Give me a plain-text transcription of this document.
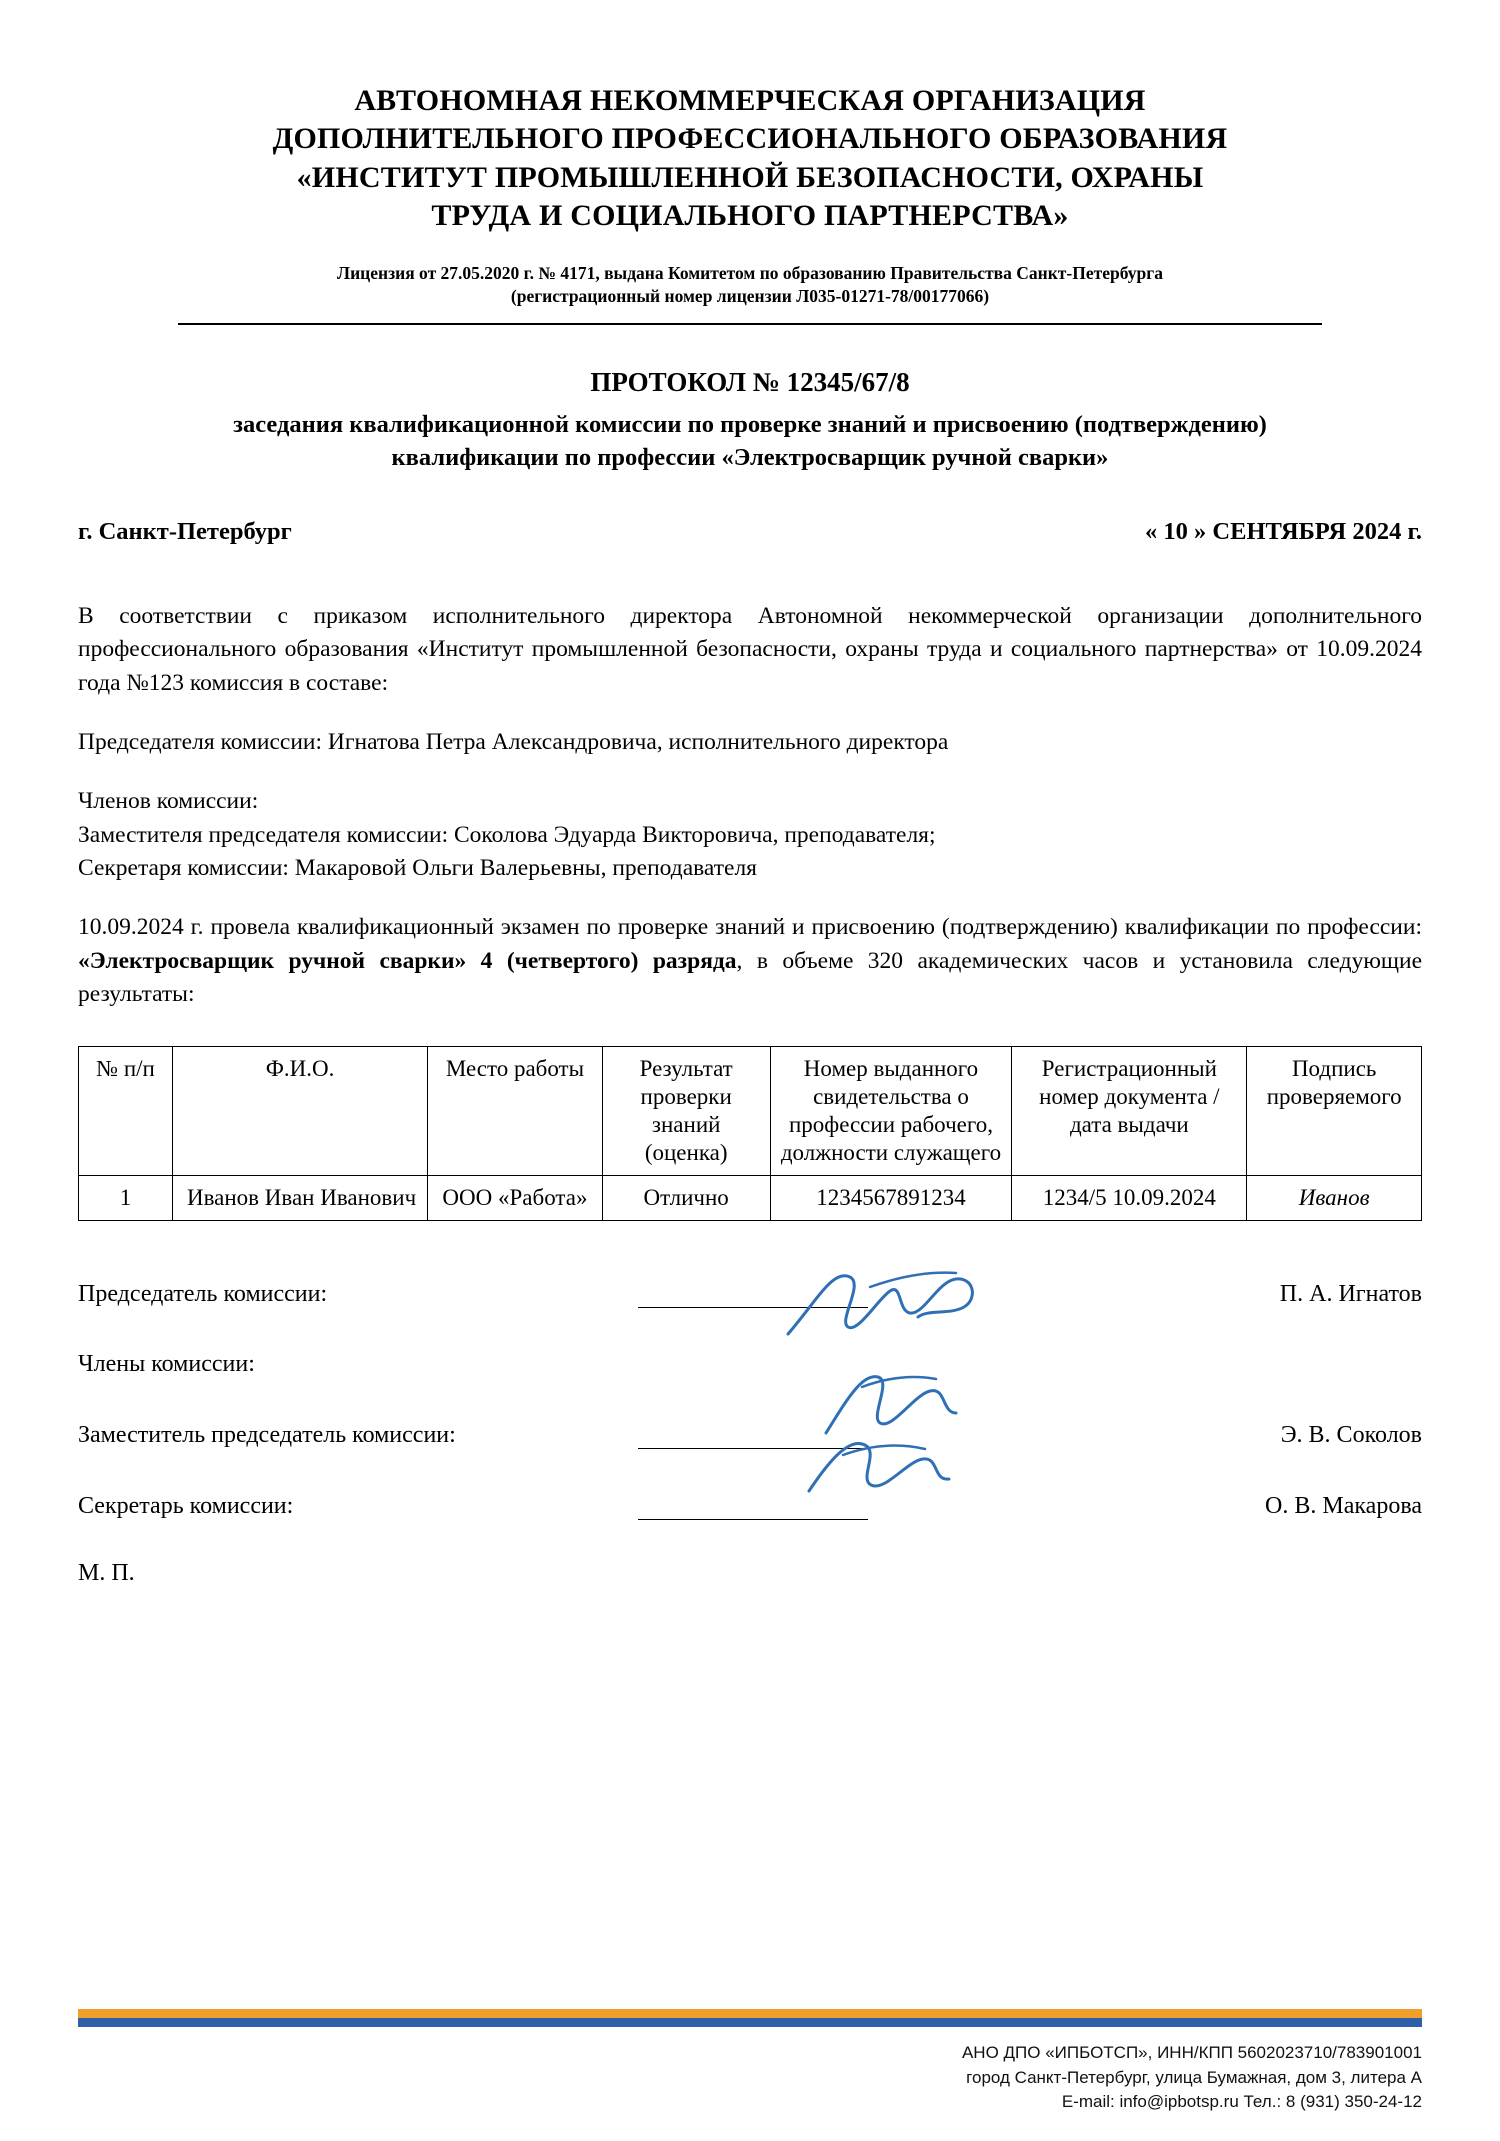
АВТОНОМНАЯ НЕКОММЕРЧЕСКАЯ ОРГАНИЗАЦИЯ
ДОПОЛНИТЕЛЬНОГО ПРОФЕССИОНАЛЬНОГО ОБРАЗОВАНИЯ
«ИНСТИТУТ ПРОМЫШЛЕННОЙ БЕЗОПАСНОСТИ, ОХРАНЫ
ТРУДА И СОЦИАЛЬНОГО ПАРТНЕРСТВА»
Лицензия от 27.05.2020 г. № 4171, выдана Комитетом по образованию Правительства Санкт-Петербурга
(регистрационный номер лицензии Л035-01271-78/00177066)
ПРОТОКОЛ № 12345/67/8
заседания квалификационной комиссии по проверке знаний и присвоению (подтверждению)
квалификации по профессии «Электросварщик ручной сварки»
г. Санкт-Петербург	« 10 » СЕНТЯБРЯ 2024 г.

В соответствии с приказом исполнительного директора Автономной некоммерческой организации дополнительного профессионального образования «Институт промышленной безопасности, охраны труда и социального партнерства» от 10.09.2024 года №123 комиссия в составе:

Председателя комиссии: Игнатова Петра Александровича, исполнительного директора

Членов комиссии:

Заместителя председателя комиссии: Соколова Эдуарда Викторовича, преподавателя;

Секретаря комиссии: Макаровой Ольги Валерьевны, преподавателя

10.09.2024 г. провела квалификационный экзамен по проверке знаний и присвоению (подтверждению) квалификации по профессии: «Электросварщик ручной сварки» 4 (четвертого) разряда, в объеме 320 академических часов и установила следующие результаты:

№ п/п	Ф.И.О.	Место работы	Результат проверки знаний (оценка)	Номер выданного свидетельства о профессии рабочего, должности служащего	Регистрационный номер документа / дата выдачи	Подпись проверяемого
1	Иванов Иван Иванович	ООО «Работа»	Отлично	1234567891234	1234/5 10.09.2024	Иванов
Председатель комиссии:	П. А. Игнатов
Члены комиссии:
Заместитель председатель комиссии:	Э. В. Соколов
Секретарь комиссии:	О. В. Макарова
М. П.
АНО ДПО «ИПБОТСП», ИНН/КПП 5602023710/783901001
город Санкт-Петербург, улица Бумажная, дом 3, литера А
E-mail: info@ipbotsp.ru Тел.: 8 (931) 350-24-12
